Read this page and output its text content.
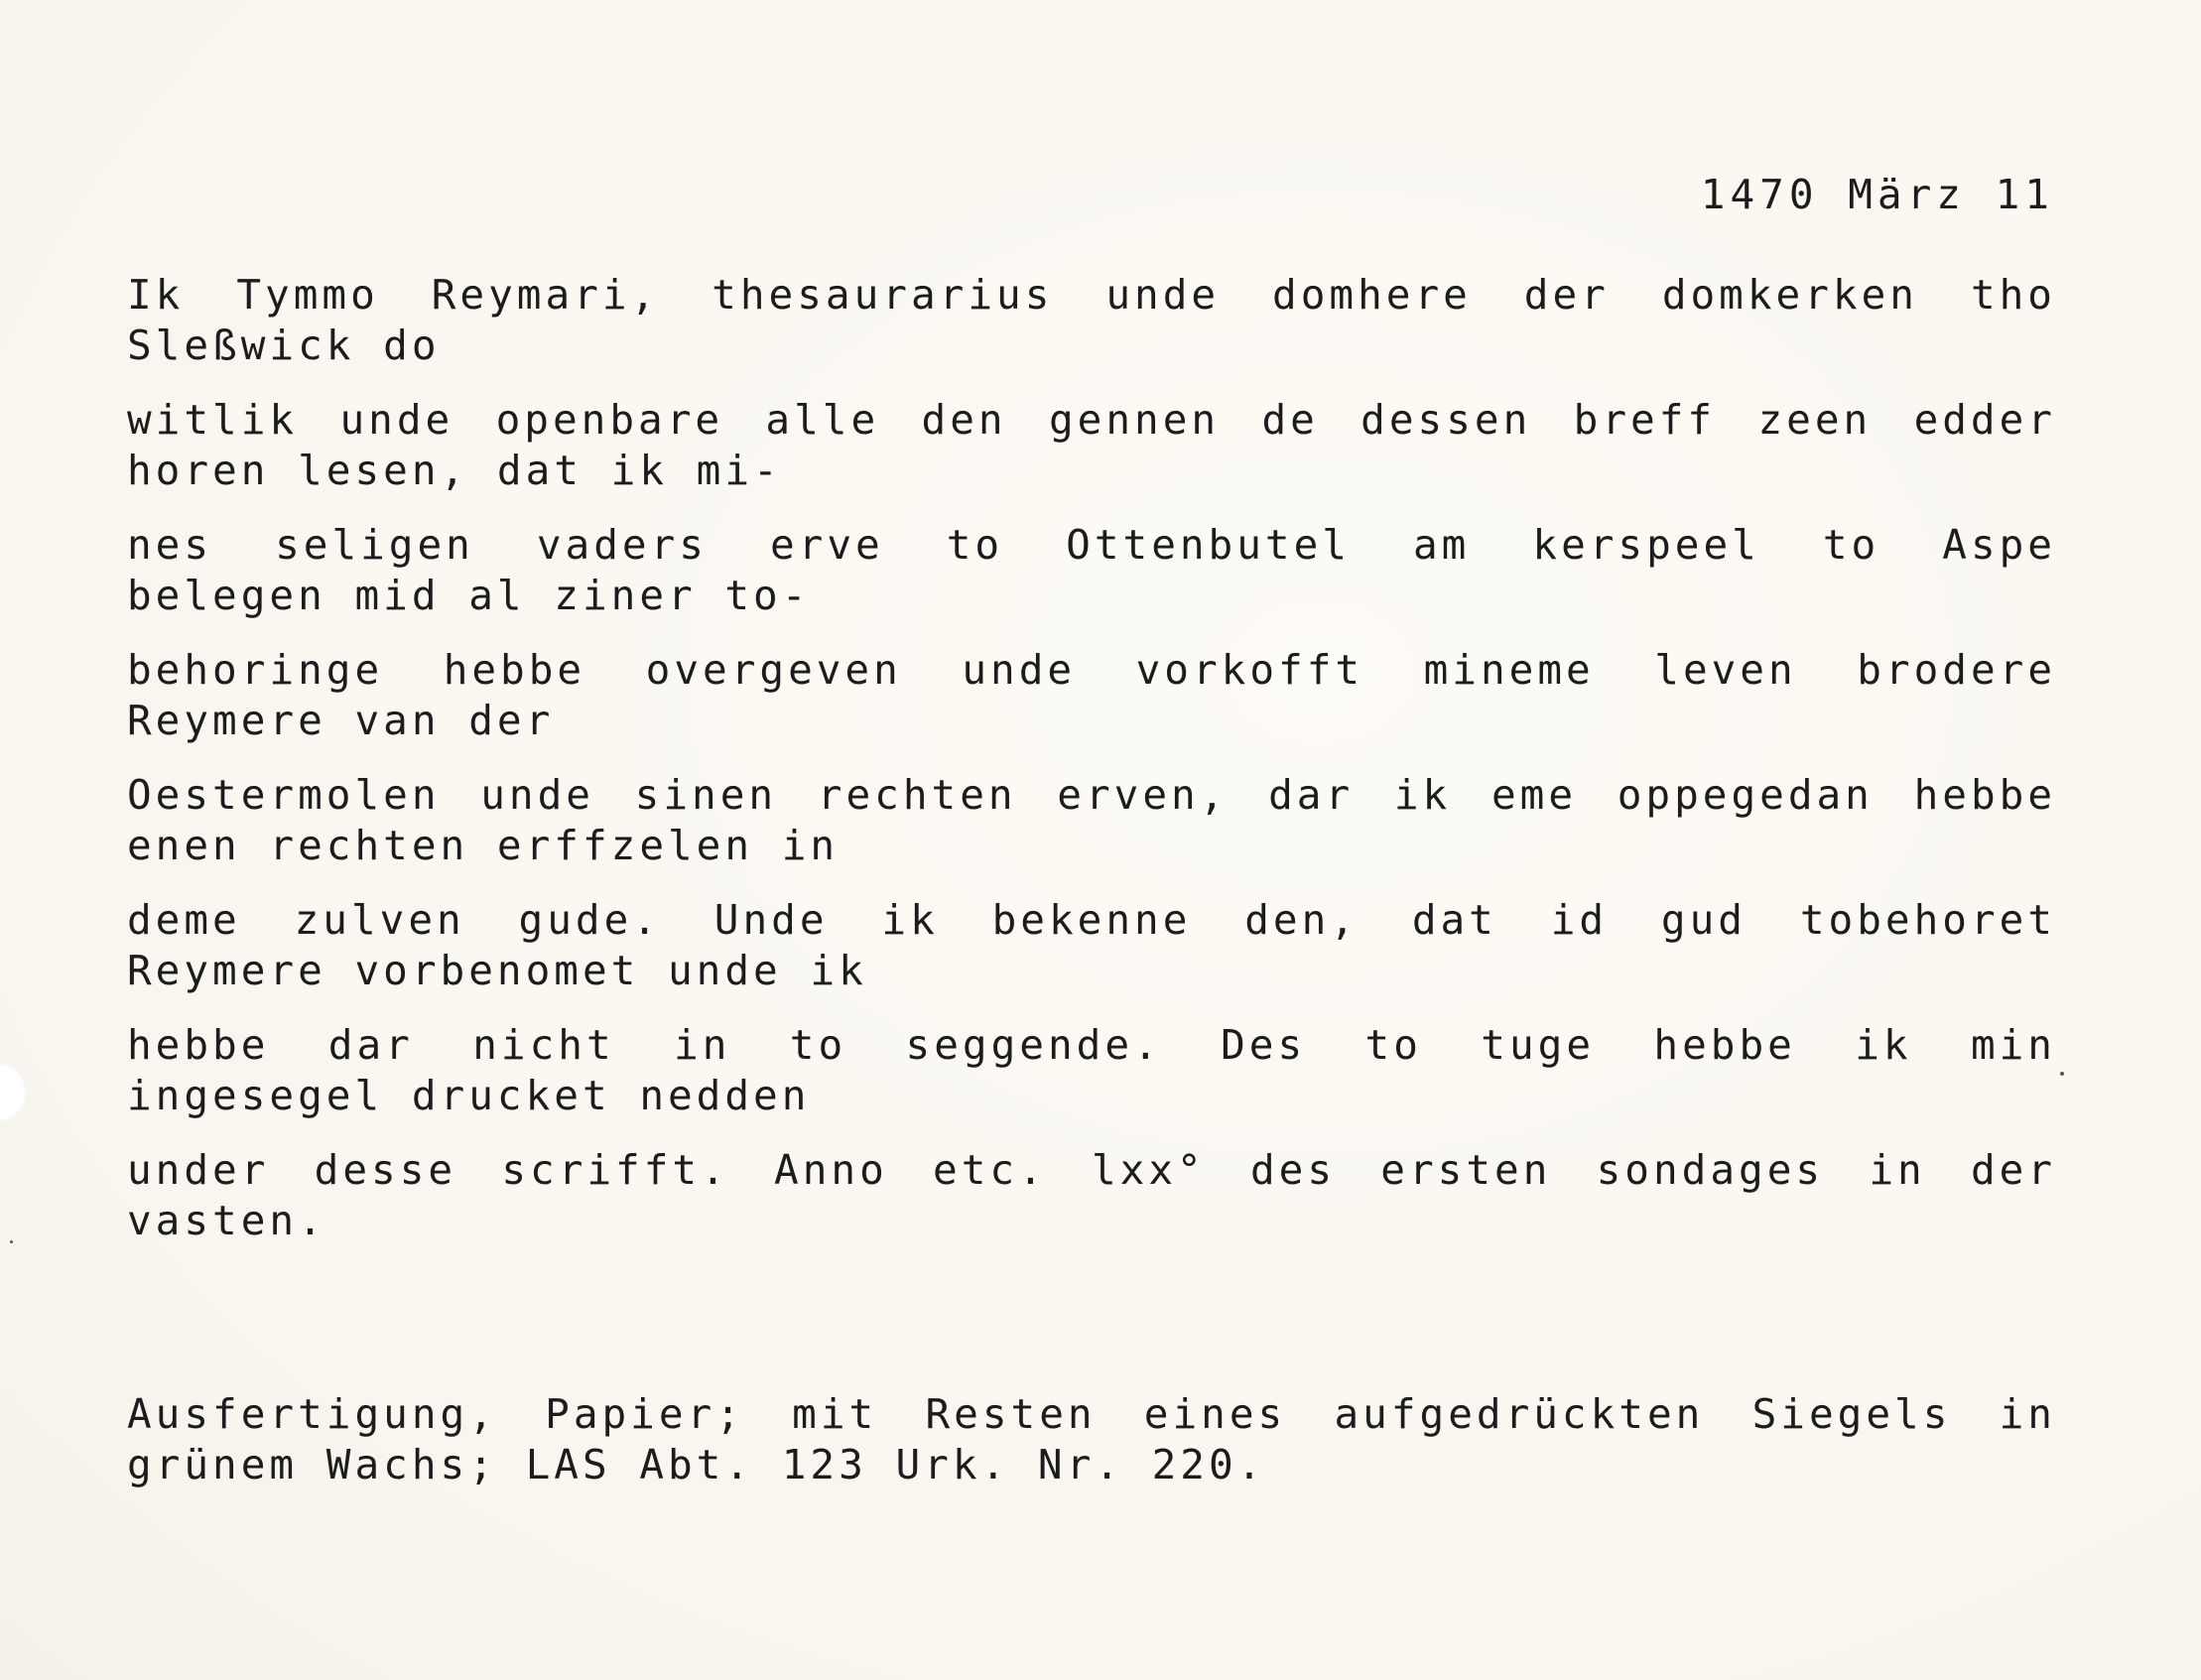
1470 März 11

Ik Tymmo Reymari, thesaurarius unde domhere der domkerken tho
Sleßwick do

witlik unde openbare alle den gennen de dessen breff zeen edder
horen lesen, dat ik mi-

nes seligen vaders erve to Ottenbutel am kerspeel to Aspe
belegen mid al ziner to-

behoringe hebbe overgeven unde vorkofft mineme leven brodere
Reymere van der

Oestermolen unde sinen rechten erven, dar ik eme oppegedan hebbe
enen rechten erffzelen in

deme zulven gude. Unde ik bekenne den, dat id gud tobehoret
Reymere vorbenomet unde ik

hebbe dar nicht in to seggende. Des to tuge hebbe ik min
ingesegel drucket nedden

under desse scrifft. Anno etc. lxx° des ersten sondages in der
vasten.

Ausfertigung, Papier; mit Resten eines aufgedrückten Siegels in
grünem Wachs; LAS Abt. 123 Urk. Nr. 220.
